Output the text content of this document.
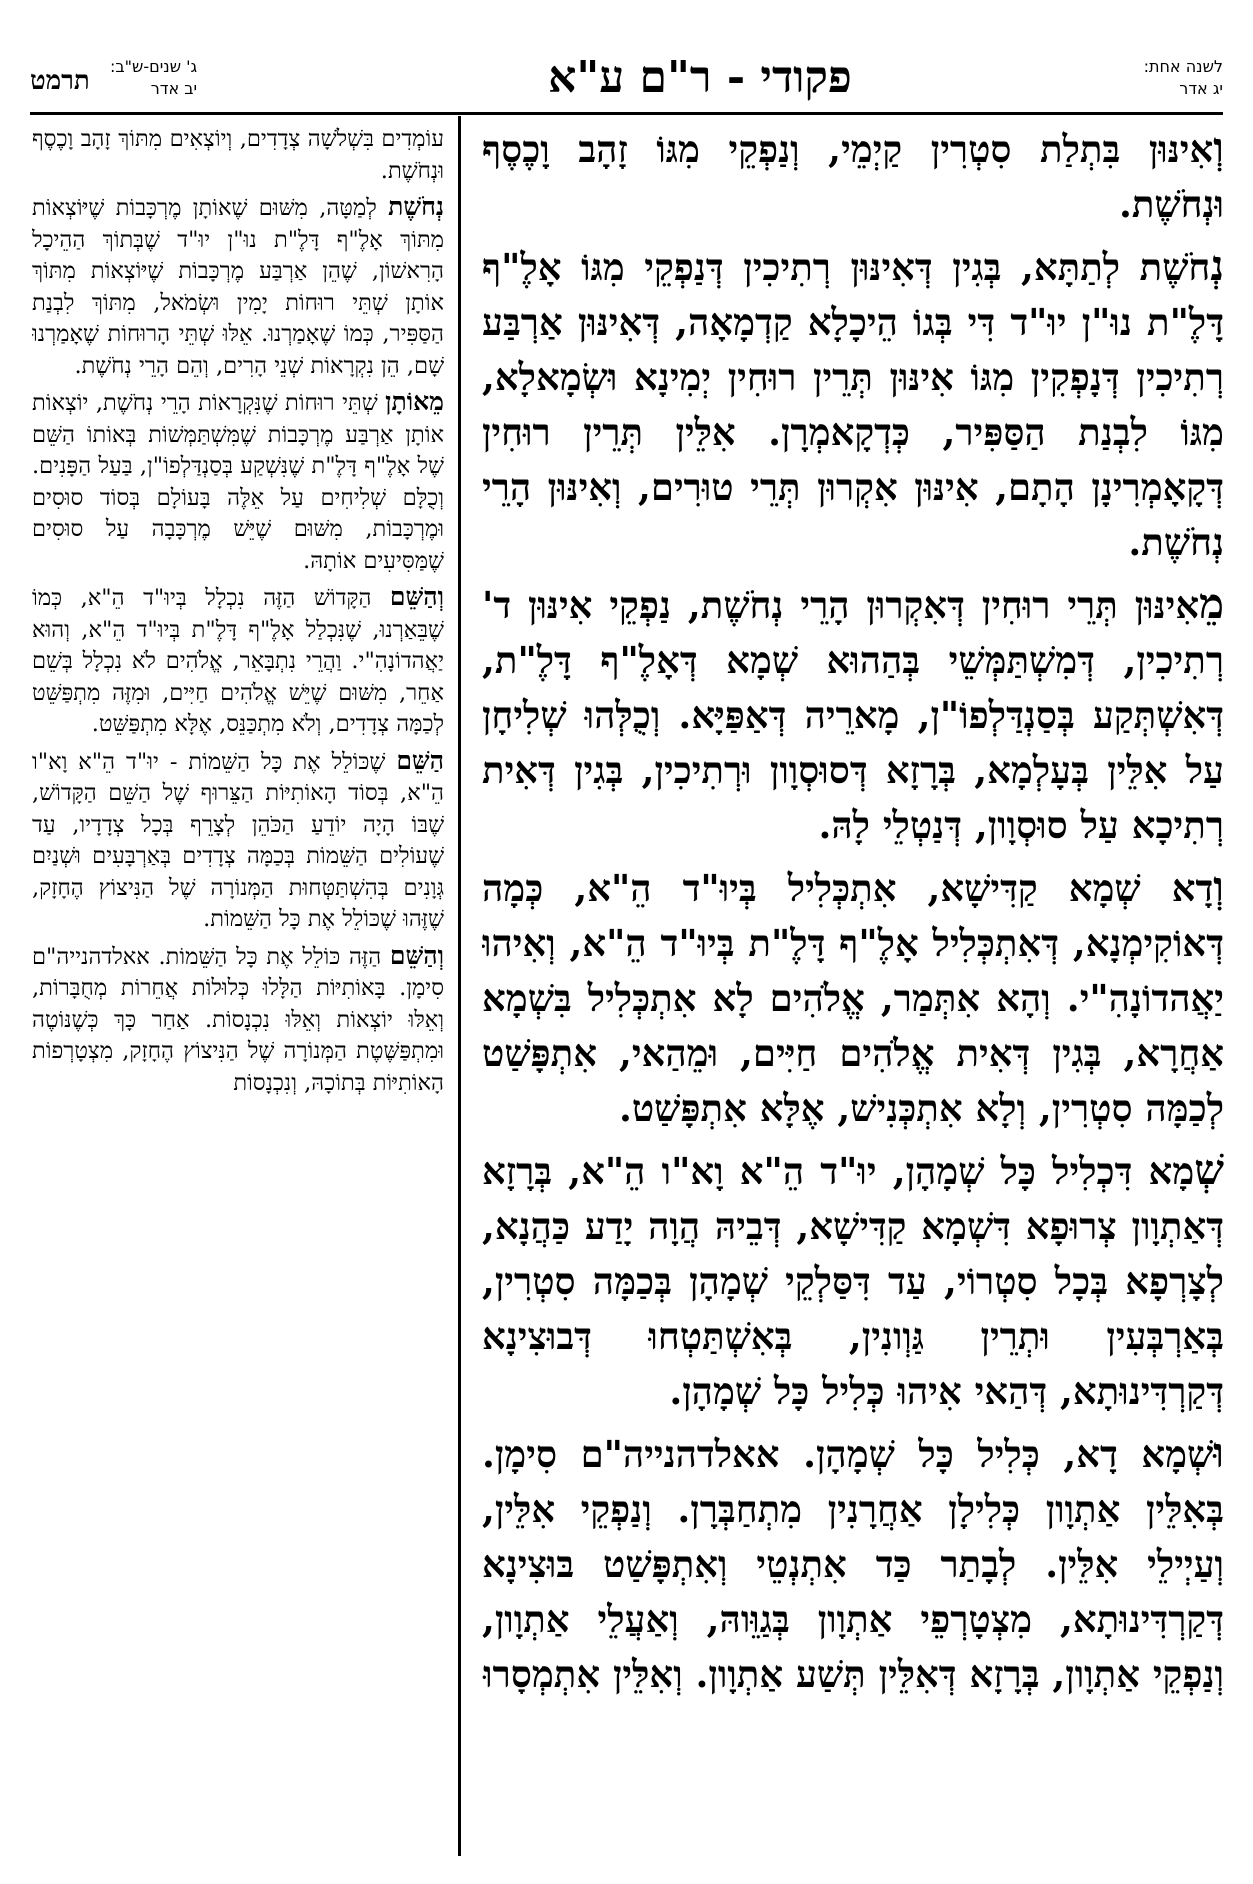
לשנה אחת:
יג אדר
פקודי - ר"ם ע"א
ג' שנים-ש"ב:
יב אדר
תרמט

וְאִינּוּן בִּתְלַת סִטְרִין קַיְמֵי, וְנַפְקֵי מִגּוֹ זָהָב וָכֶסֶף וּנְחֹשֶׁת.

נְחֹשֶׁת לְתַתָּא, בְּגִין דְּאִינּוּן רְתִיכִין דְּנַפְקֵי מִגּוֹ אָלֶ"ף דָּלֶ"ת נוּ"ן יוּ"ד דִּי בְּגוֹ הֵיכָלָא קַדְמָאָה, דְּאִינּוּן אַרְבַּע רְתִיכִין דְּנָפְקִין מִגּוֹ אִינּוּן תְּרֵין רוּחִין יְמִינָא וּשְׂמָאלָא, מִגּוֹ לִבְנַת הַסַּפִּיר, כְּדְקָאמְרָן. אִלֵּין תְּרֵין רוּחִין דְּקָאָמְרִינָן הָתָם, אִינּוּן אִקְרוּן תְּרֵי טוּרִים, וְאִינּוּן הָרֵי נְחֹשֶׁת.

מֵאִינּוּן תְּרֵי רוּחִין דְּאִקְרוּן הָרֵי נְחֹשֶׁת, נַפְקֵי אִינּוּן ד' רְתִיכִין, דְּמִשְׁתַּמְּשֵׁי בְּהַהוּא שְׁמָא דְּאָלֶ"ף דָּלֶ"ת, דְּאִשְׁתְּקַע בְּסַנְדַּלְפוֹ"ן, מָארֵיה דְּאַפַּיָּא. וְכֻלְּהוּ שְׁלִיחָן עַל אִלֵּין בְּעָלְמָא, בְּרָזָא דְּסוּסְוָון וּרְתִיכִין, בְּגִין דְּאִית רְתִיכָא עַל סוּסְוָון, דְּנַטְלֵי לָהּ.

וְדָא שְׁמָא קַדִּישָׁא, אִתְכְּלִיל בְּיוּ"ד הֵ"א, כְּמָה דְּאוֹקִימְנָא, דְּאִתְכְּלִיל אָלֶ"ף דָּלֶ"ת בְּיוּ"ד הֵ"א, וְאִיהוּ יַאֲהדוֹנָהִ"י. וְהָא אִתְּמַר, אֱלֹהִים לָא אִתְכְּלִיל בִּשְׁמָא אַחֲרָא, בְּגִין דְּאִית אֱלֹהִים חַיִּים, וּמֵהַאי, אִתְפָּשַׁט לְכַמָּה סִטְרִין, וְלָא אִתְכְּנִישׁ, אֶלָּא אִתְפָּשַׁט.

שְׁמָא דִּכְלִיל כָּל שְׁמָהָן, יוּ"ד הֵ"א וָא"ו הֵ"א, בְּרָזָא דְּאַתְוָון צְרוּפָא דִּשְׁמָא קַדִּישָׁא, דְּבֵיהּ הֲוָה יָדַע כַּהֲנָא, לְצָרְפָא בְּכָל סִטְרוֹי, עַד דִּסַּלְקֵי שְׁמָהָן בְּכַמָּה סִטְרִין, בְּאַרְבְּעִין וּתְרֵין גַּוְונִין, בְּאִשְׁתַּטְחוּ דְּבוּצִינָא דְּקַרְדִּינוּתָא, דְּהַאי אִיהוּ כְּלִיל כָּל שְׁמָהָן.

וּשְׁמָא דָא, כְּלִיל כָּל שְׁמָהָן. אאלדהנייה"ם סִימָן. בְּאִלֵּין אַתְוָון כְּלִילָן אַחֲרָנִין מִתְחַבְּרָן. וְנַפְקֵי אִלֵּין, וְעַיְילֵי אִלֵּין. לְבָתַר כַּד אִתְנְטֵי וְאִתְפָּשַׁט בּוּצִינָא דְּקַרְדִּינוּתָא, מִצְטָרְפֵי אַתְוָון בְּגַוֵּוהּ, וְאַעֲלֵי אַתְוָון, וְנַפְקֵי אַתְוָון, בְּרָזָא דְּאִלֵּין תְּשַׁע אַתְוָון. וְאִלֵּין אִתְמְסָרוּ

עוֹמְדִים בִּשְׁלֹשָׁה צְדָדִים, וְיוֹצְאִים מִתּוֹךְ זָהָב וָכֶסֶף וּנְחֹשֶׁת.

נְחֹשֶׁת לְמַטָּה, מִשּׁוּם שֶׁאוֹתָן מֶרְכָּבוֹת שֶׁיּוֹצְאוֹת מִתּוֹךְ אָלֶ"ף דָּלֶ"ת נוּ"ן יוּ"ד שֶׁבְּתוֹךְ הַהֵיכָל הָרִאשׁוֹן, שֶׁהֵן אַרְבַּע מֶרְכָּבוֹת שֶׁיּוֹצְאוֹת מִתּוֹךְ אוֹתָן שְׁתֵּי רוּחוֹת יָמִין וּשְׂמֹאל, מִתּוֹךְ לִבְנַת הַסַּפִּיר, כְּמוֹ שֶׁאָמַרְנוּ. אֵלּוּ שְׁתֵּי הָרוּחוֹת שֶׁאָמַרְנוּ שָׁם, הֵן נִקְרָאוֹת שְׁנֵי הָרִים, וְהֵם הָרֵי נְחֹשֶׁת.

מֵאוֹתָן שְׁתֵּי רוּחוֹת שֶׁנִּקְרָאוֹת הָרֵי נְחֹשֶׁת, יוֹצְאוֹת אוֹתָן אַרְבַּע מֶרְכָּבוֹת שֶׁמִּשְׁתַּמְּשׁוֹת בְּאוֹתוֹ הַשֵּׁם שֶׁל אָלֶ"ף דָּלֶ"ת שֶׁנִּשְׁקַע בְּסַנְדַּלְפוֹ"ן, בַּעַל הַפָּנִים. וְכֻלָּם שְׁלִיחִים עַל אֵלֶּה בָּעוֹלָם בְּסוֹד סוּסִים וּמֶרְכָּבוֹת, מִשּׁוּם שֶׁיֵּשׁ מֶרְכָּבָה עַל סוּסִים שֶׁמַּסִּיעִים אוֹתָהּ.

וְהַשֵּׁם הַקָּדוֹשׁ הַזֶּה נִכְלָל בְּיוּ"ד הֵ"א, כְּמוֹ שֶׁבֵּאַרְנוּ, שֶׁנִּכְלַל אָלֶ"ף דָּלֶ"ת בְּיוּ"ד הֵ"א, וְהוּא יַאֲהדוֹנָהִ"י. וַהֲרֵי נִתְבָּאֵר, אֱלֹהִים לֹא נִכְלָל בְּשֵׁם אַחֵר, מִשּׁוּם שֶׁיֵּשׁ אֱלֹהִים חַיִּים, וּמִזֶּה מִתְפַּשֵּׁט לְכַמָּה צְדָדִים, וְלֹא מִתְכַּנֵּס, אֶלָּא מִתְפַּשֵּׁט.

הַשֵּׁם שֶׁכּוֹלֵל אֶת כָּל הַשֵּׁמוֹת - יוּ"ד הֵ"א וָא"ו הֵ"א, בְּסוֹד הָאוֹתִיּוֹת הַצֵּרוּף שֶׁל הַשֵּׁם הַקָּדוֹשׁ, שֶׁבּוֹ הָיָה יוֹדֵעַ הַכֹּהֵן לְצָרֵף בְּכָל צְדָדָיו, עַד שֶׁעוֹלִים הַשֵּׁמוֹת בְּכַמָּה צְדָדִים בְּאַרְבָּעִים וּשְׁנַיִם גְּוָנִים בְּהִשְׁתַּטְּחוּת הַמְּנוֹרָה שֶׁל הַנִּיצוֹץ הֶחָזָק, שֶׁזֶּהוּ שֶׁכּוֹלֵל אֶת כָּל הַשֵּׁמוֹת.

וְהַשֵּׁם הַזֶּה כּוֹלֵל אֶת כָּל הַשֵּׁמוֹת. אאלדהנייה"ם סִימָן. בָּאוֹתִיּוֹת הַלָּלוּ כְּלוּלוֹת אֲחֵרוֹת מְחֻבָּרוֹת, וְאֵלּוּ יוֹצְאוֹת וְאֵלּוּ נִכְנָסוֹת. אַחַר כָּךְ כְּשֶׁנּוֹטֶה וּמִתְפַּשֶּׁטֶת הַמְּנוֹרָה שֶׁל הַנִּיצוֹץ הֶחָזָק, מִצְטָרְפוֹת הָאוֹתִיּוֹת בְּתוֹכָהּ, וְנִכְנָסוֹת
